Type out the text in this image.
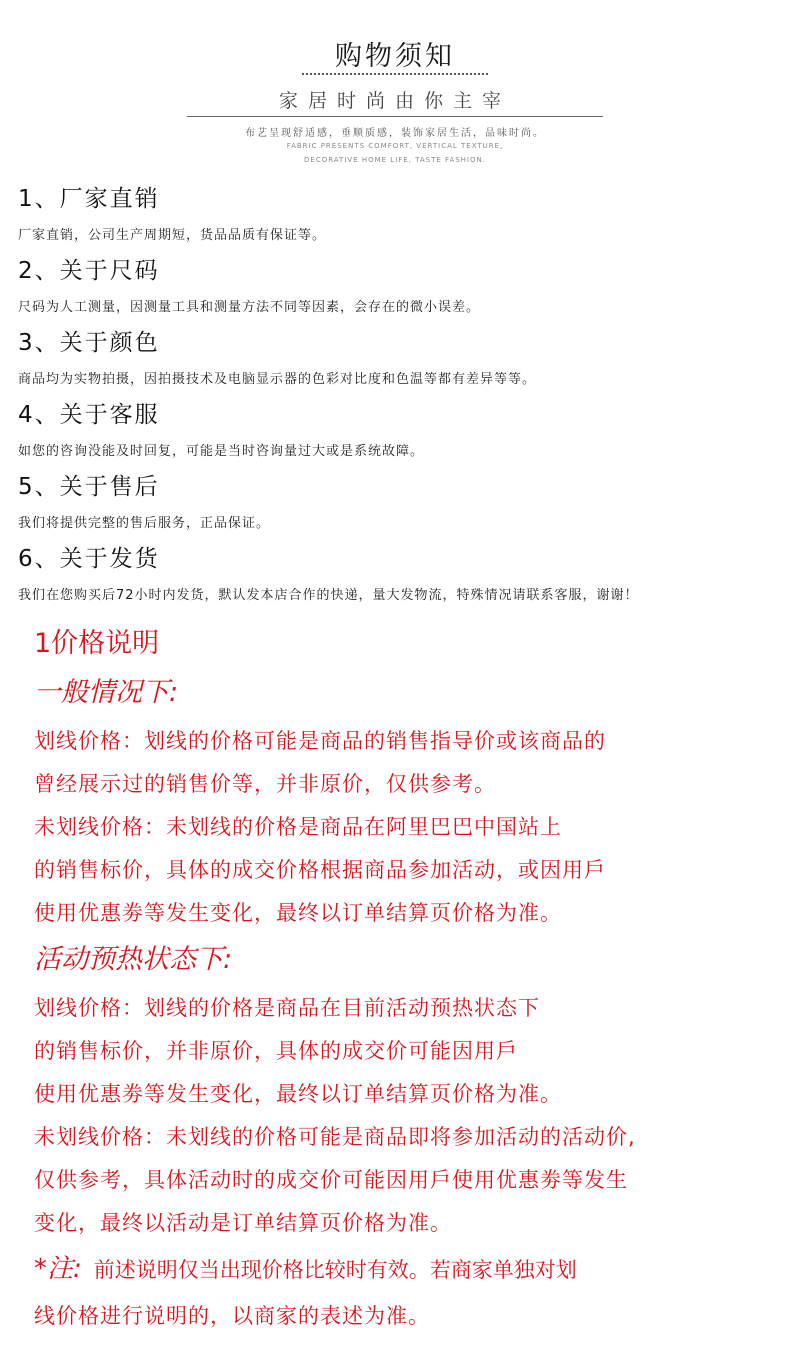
购物须知
家居时尚由你主宰
布艺呈现舒适感，垂顺质感，装饰家居生活，品味时尚。
FABRIC PRESENTS COMFORT, VERTICAL TEXTURE,
DECORATIVE HOME LIFE, TASTE FASHION.
1、厂家直销
厂家直销，公司生产周期短，货品品质有保证等。
2、关于尺码
尺码为人工测量，因测量工具和测量方法不同等因素，会存在的微小误差。
3、关于颜色
商品均为实物拍摄，因拍摄技术及电脑显示器的色彩对比度和色温等都有差异等等。
4、关于客服
如您的咨询没能及时回复，可能是当时咨询量过大或是系统故障。
5、关于售后
我们将提供完整的售后服务，正品保证。
6、关于发货
我们在您购买后72小时内发货，默认发本店合作的快递，量大发物流，特殊情况请联系客服，谢谢！
1价格说明
一般情况下:
划线价格：划线的价格可能是商品的销售指导价或该商品的
曾经展示过的销售价等，并非原价，仅供参考。
未划线价格：未划线的价格是商品在阿里巴巴中国站上
的销售标价，具体的成交价格根据商品参加活动，或因用戶
使用优惠劵等发生变化，最终以订单结算页价格为准。
活动预热状态下:
划线价格：划线的价格是商品在目前活动预热状态下
的销售标价，并非原价，具体的成交价可能因用戶
使用优惠劵等发生变化，最终以订单结算页价格为准。
未划线价格：未划线的价格可能是商品即将参加活动的活动价,
仅供参考，具体活动时的成交价可能因用戶使用优惠劵等发生
变化，最终以活动是订单结算页价格为准。
*注: 前述说明仅当出现价格比较时有效。若商家单独对划
线价格进行说明的，以商家的表述为准。
